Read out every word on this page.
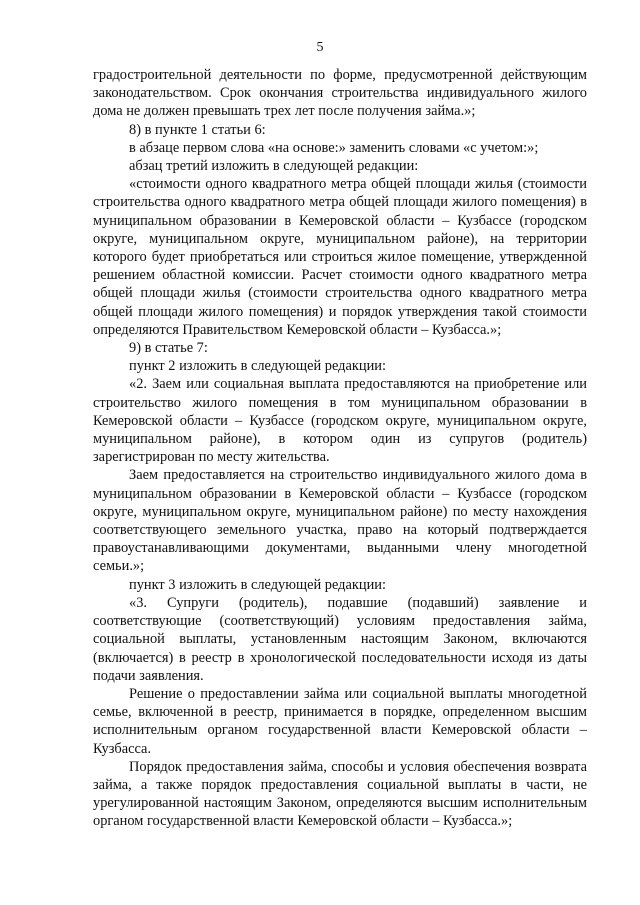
5

градостроительной деятельности по форме, предусмотренной действующим законодательством. Срок окончания строительства индивидуального жилого дома не должен превышать трех лет после получения займа.»;

8) в пункте 1 статьи 6:

в абзаце первом слова «на основе:» заменить словами «с учетом:»;

абзац третий изложить в следующей редакции:

«стоимости одного квадратного метра общей площади жилья (стоимости строительства одного квадратного метра общей площади жилого помещения) в муниципальном образовании в Кемеровской области – Кузбассе (городском округе, муниципальном округе, муниципальном районе), на территории которого будет приобретаться или строиться жилое помещение, утвержденной решением областной комиссии. Расчет стоимости одного квадратного метра общей площади жилья (стоимости строительства одного квадратного метра общей площади жилого помещения) и порядок утверждения такой стоимости определяются Правительством Кемеровской области – Кузбасса.»;

9) в статье 7:

пункт 2 изложить в следующей редакции:

«2. Заем или социальная выплата предоставляются на приобретение или строительство жилого помещения в том муниципальном образовании в Кемеровской области – Кузбассе (городском округе, муниципальном округе, муниципальном районе), в котором один из супругов (родитель) зарегистрирован по месту жительства.

Заем предоставляется на строительство индивидуального жилого дома в муниципальном образовании в Кемеровской области – Кузбассе (городском округе, муниципальном округе, муниципальном районе) по месту нахождения соответствующего земельного участка, право на который подтверждается правоустанавливающими документами, выданными члену многодетной семьи.»;

пункт 3 изложить в следующей редакции:

«3. Супруги (родитель), подавшие (подавший) заявление и соответствующие (соответствующий) условиям предоставления займа, социальной выплаты, установленным настоящим Законом, включаются (включается) в реестр в хронологической последовательности исходя из даты подачи заявления.

Решение о предоставлении займа или социальной выплаты многодетной семье, включенной в реестр, принимается в порядке, определенном высшим исполнительным органом государственной власти Кемеровской области – Кузбасса.

Порядок предоставления займа, способы и условия обеспечения возврата займа, а также порядок предоставления социальной выплаты в части, не урегулированной настоящим Законом, определяются высшим исполнительным органом государственной власти Кемеровской области – Кузбасса.»;
